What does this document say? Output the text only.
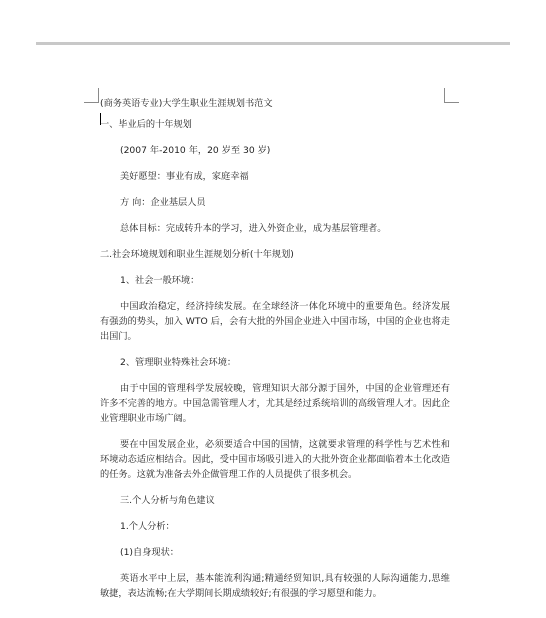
(商务英语专业)大学生职业生涯规划书范文
一、毕业后的十年规划
(2007 年-2010 年，20 岁至 30 岁)
美好愿望：事业有成，家庭幸福
方 向：企业基层人员
总体目标：完成转升本的学习，进入外资企业，成为基层管理者。
二.社会环境规划和职业生涯规划分析(十年规划)
1、社会一般环境：
中国政治稳定，经济持续发展。在全球经济一体化环境中的重要角色。经济发展有强劲的势头，加入 WTO 后，会有大批的外国企业进入中国市场，中国的企业也将走出国门。
2、管理职业特殊社会环境：
由于中国的管理科学发展较晚，管理知识大部分源于国外，中国的企业管理还有许多不完善的地方。中国急需管理人才，尤其是经过系统培训的高级管理人才。因此企业管理职业市场广阔。
要在中国发展企业，必须要适合中国的国情，这就要求管理的科学性与艺术性和环境动态适应相结合。因此，受中国市场吸引进入的大批外资企业都面临着本土化改造的任务。这就为准备去外企做管理工作的人员提供了很多机会。
三.个人分析与角色建议
1.个人分析：
(1)自身现状：
英语水平中上层，基本能流利沟通;精通经贸知识,具有较强的人际沟通能力,思维敏捷，表达流畅;在大学期间长期成绩较好;有很强的学习愿望和能力。
